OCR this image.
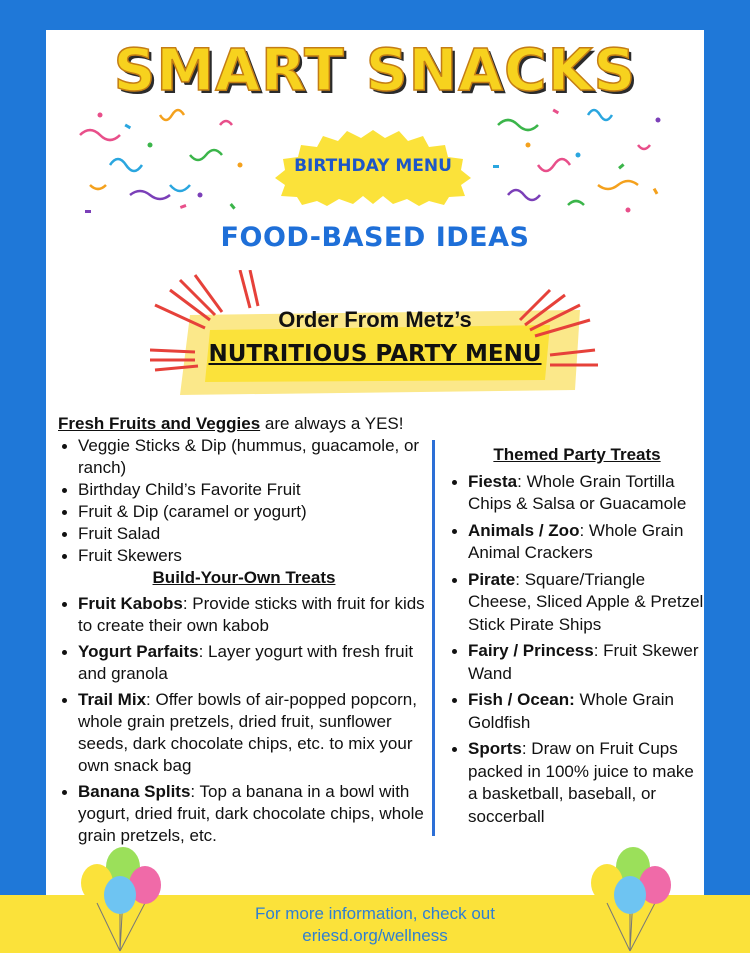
SMART SNACKS
BIRTHDAY MENU
FOOD-BASED IDEAS
Order From Metz’s
NUTRITIOUS PARTY MENU

Fresh Fruits and Veggies are always a YES!

Veggie Sticks & Dip (hummus, guacamole, or ranch)
Birthday Child’s Favorite Fruit
Fruit & Dip (caramel or yogurt)
Fruit Salad
Fruit Skewers

Build-Your-Own Treats

Fruit Kabobs: Provide sticks with fruit for kids to create their own kabob
Yogurt Parfaits: Layer yogurt with fresh fruit and granola
Trail Mix: Offer bowls of air-popped popcorn, whole grain pretzels, dried fruit, sunflower seeds, dark chocolate chips, etc. to mix your own snack bag
Banana Splits: Top a banana in a bowl with yogurt, dried fruit, dark chocolate chips, whole grain pretzels, etc.

Themed Party Treats

Fiesta: Whole Grain Tortilla Chips & Salsa or Guacamole
Animals / Zoo: Whole Grain Animal Crackers
Pirate: Square/Triangle Cheese, Sliced Apple & Pretzel Stick Pirate Ships
Fairy / Princess: Fruit Skewer Wand
Fish / Ocean: Whole Grain Goldfish
Sports: Draw on Fruit Cups packed in 100% juice to make a basketball, baseball, or soccerball
For more information, check out
eriesd.org/wellness
